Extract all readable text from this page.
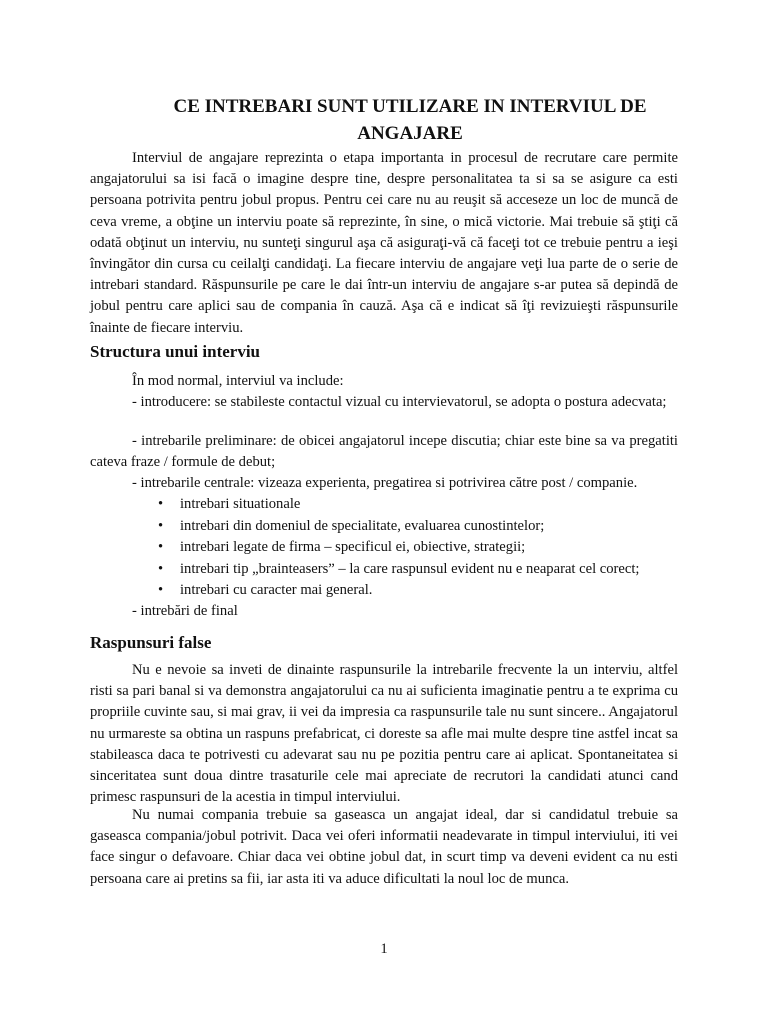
CE INTREBARI SUNT UTILIZARE IN INTERVIUL DE
ANGAJARE

Interviul de angajare reprezinta o etapa importanta in procesul de recrutare care permite angajatorului sa isi facă o imagine despre tine, despre personalitatea ta si sa se asigure ca esti persoana potrivita pentru jobul propus. Pentru cei care nu au reuşit să acceseze un loc de muncă de ceva vreme, a obţine un interviu poate să reprezinte, în sine, o mică victorie. Mai trebuie să ştiţi că odată obţinut un interviu, nu sunteţi singurul aşa că asiguraţi-vă că faceţi tot ce trebuie pentru a ieşi învingător din cursa cu ceilalţi candidaţi. La fiecare interviu de angajare veţi lua parte de o serie de intrebari standard. Răspunsurile pe care le dai într-un interviu de angajare s-ar putea să depindă de jobul pentru care aplici sau de compania în cauză. Aşa că e indicat să îţi revizuieşti răspunsurile înainte de fiecare interviu.

Structura unui interviu

În mod normal, interviul va include:

- introducere: se stabileste contactul vizual cu intervievatorul, se adopta o postura adecvata;

- intrebarile preliminare: de obicei angajatorul incepe discutia; chiar este bine sa va pregatiti cateva fraze / formule de debut;

- intrebarile centrale: vizeaza experienta, pregatirea si potrivirea către post / companie.

• intrebari situationale
• intrebari din domeniul de specialitate, evaluarea cunostintelor;
• intrebari legate de firma – specificul ei, obiective, strategii;
• intrebari tip „brainteasers” – la care raspunsul evident nu e neaparat cel corect;
• intrebari cu caracter mai general.

- intrebări de final

Raspunsuri false

Nu e nevoie sa inveti de dinainte raspunsurile la intrebarile frecvente la un interviu, altfel risti sa pari banal si va demonstra angajatorului ca nu ai suficienta imaginatie pentru a te exprima cu propriile cuvinte sau, si mai grav, ii vei da impresia ca raspunsurile tale nu sunt sincere.. Angajatorul nu urmareste sa obtina un raspuns prefabricat, ci doreste sa afle mai multe despre tine astfel incat sa stabileasca daca te potrivesti cu adevarat sau nu pe pozitia pentru care ai aplicat. Spontaneitatea si sinceritatea sunt doua dintre trasaturile cele mai apreciate de recrutori la candidati atunci cand primesc raspunsuri de la acestia in timpul interviului.

Nu numai compania trebuie sa gaseasca un angajat ideal, dar si candidatul trebuie sa gaseasca compania/jobul potrivit. Daca vei oferi informatii neadevarate in timpul interviului, iti vei face singur o defavoare. Chiar daca vei obtine jobul dat, in scurt timp va deveni evident ca nu esti persoana care ai pretins sa fii, iar asta iti va aduce dificultati la noul loc de munca.

1
